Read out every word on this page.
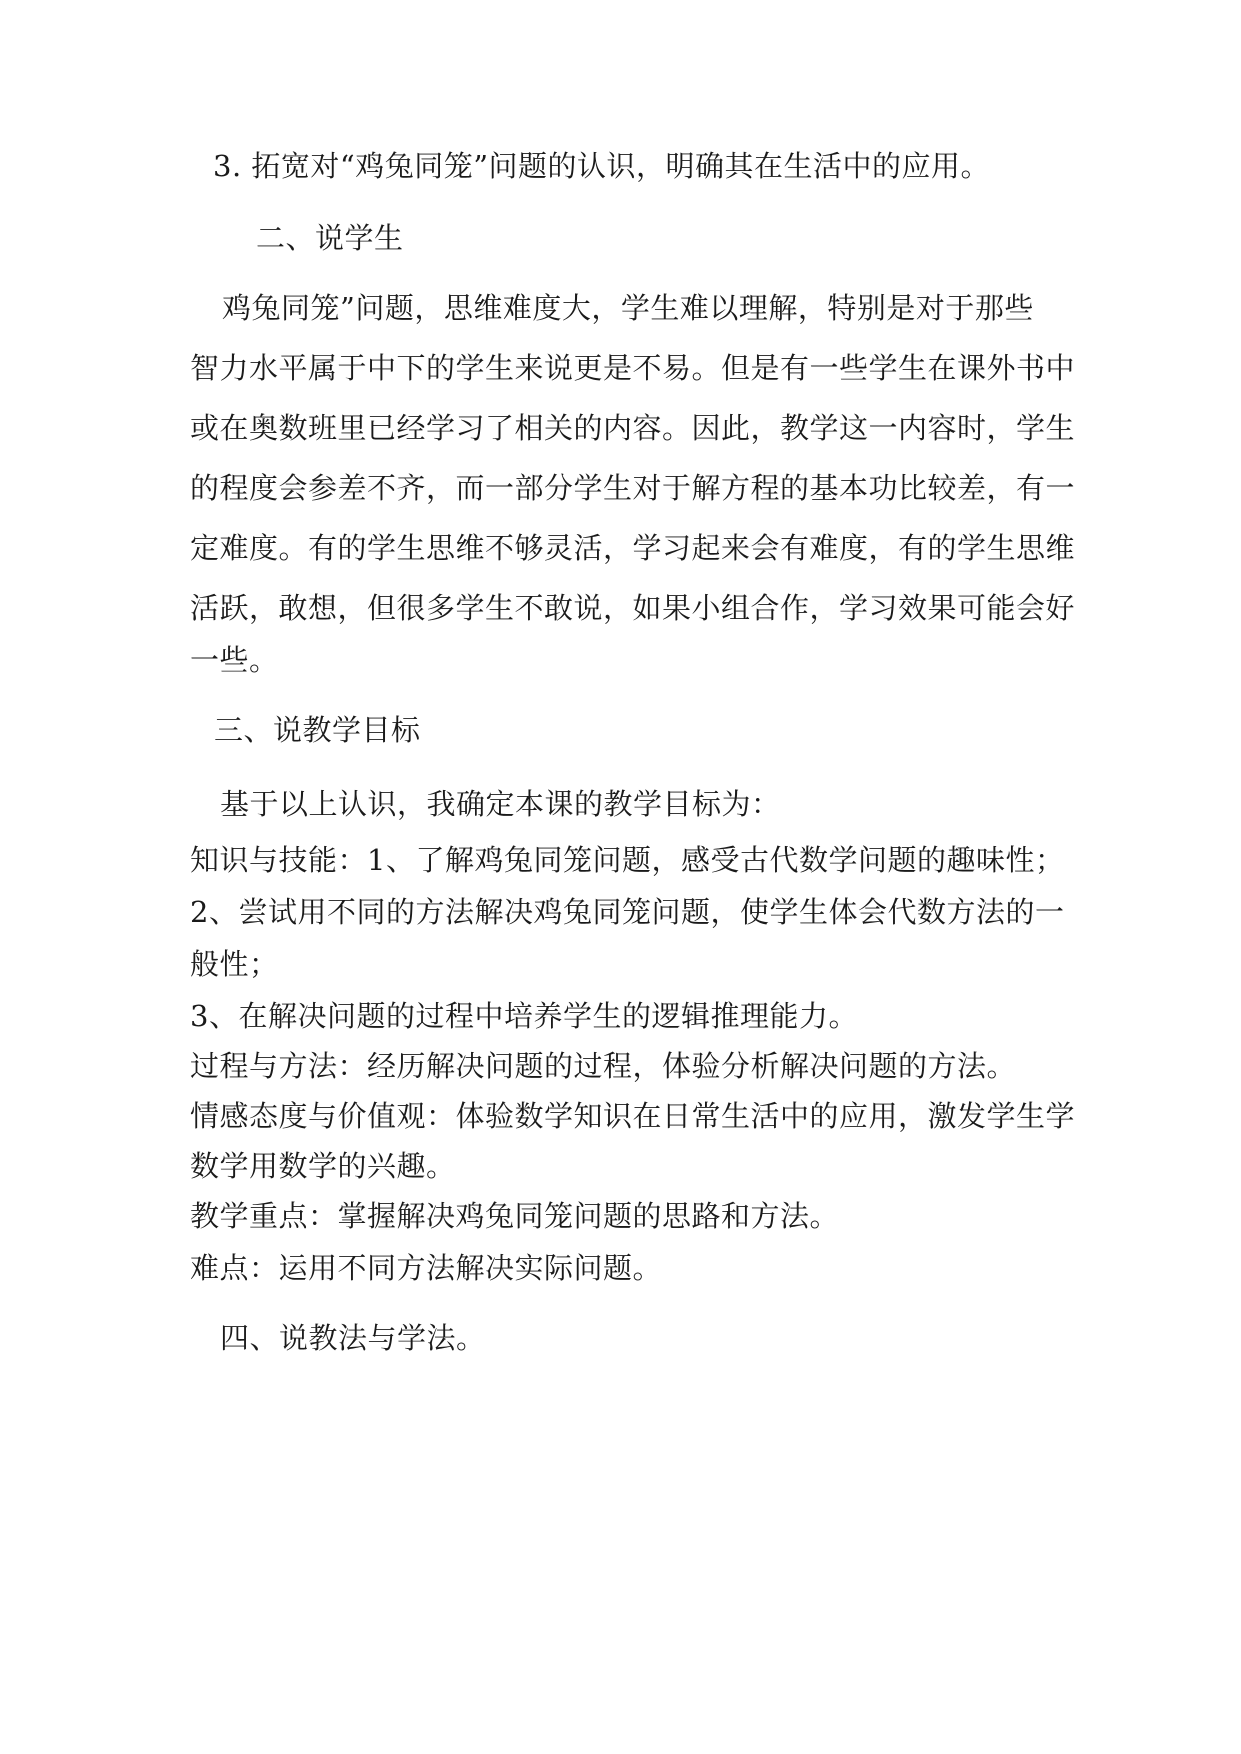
3. 拓宽对“鸡兔同笼”问题的认识，明确其在生活中的应用。
二、说学生
鸡兔同笼”问题，思维难度大，学生难以理解，特别是对于那些
智力水平属于中下的学生来说更是不易。但是有一些学生在课外书中
或在奥数班里已经学习了相关的内容。因此，教学这一内容时，学生
的程度会参差不齐，而一部分学生对于解方程的基本功比较差，有一
定难度。有的学生思维不够灵活，学习起来会有难度，有的学生思维
活跃，敢想，但很多学生不敢说，如果小组合作，学习效果可能会好
一些。
三、说教学目标
基于以上认识，我确定本课的教学目标为：
知识与技能：1、了解鸡兔同笼问题，感受古代数学问题的趣味性；
2、尝试用不同的方法解决鸡兔同笼问题，使学生体会代数方法的一
般性；
3、在解决问题的过程中培养学生的逻辑推理能力。
过程与方法：经历解决问题的过程，体验分析解决问题的方法。
情感态度与价值观：体验数学知识在日常生活中的应用，激发学生学
数学用数学的兴趣。
教学重点：掌握解决鸡兔同笼问题的思路和方法。
难点：运用不同方法解决实际问题。
四、说教法与学法。
